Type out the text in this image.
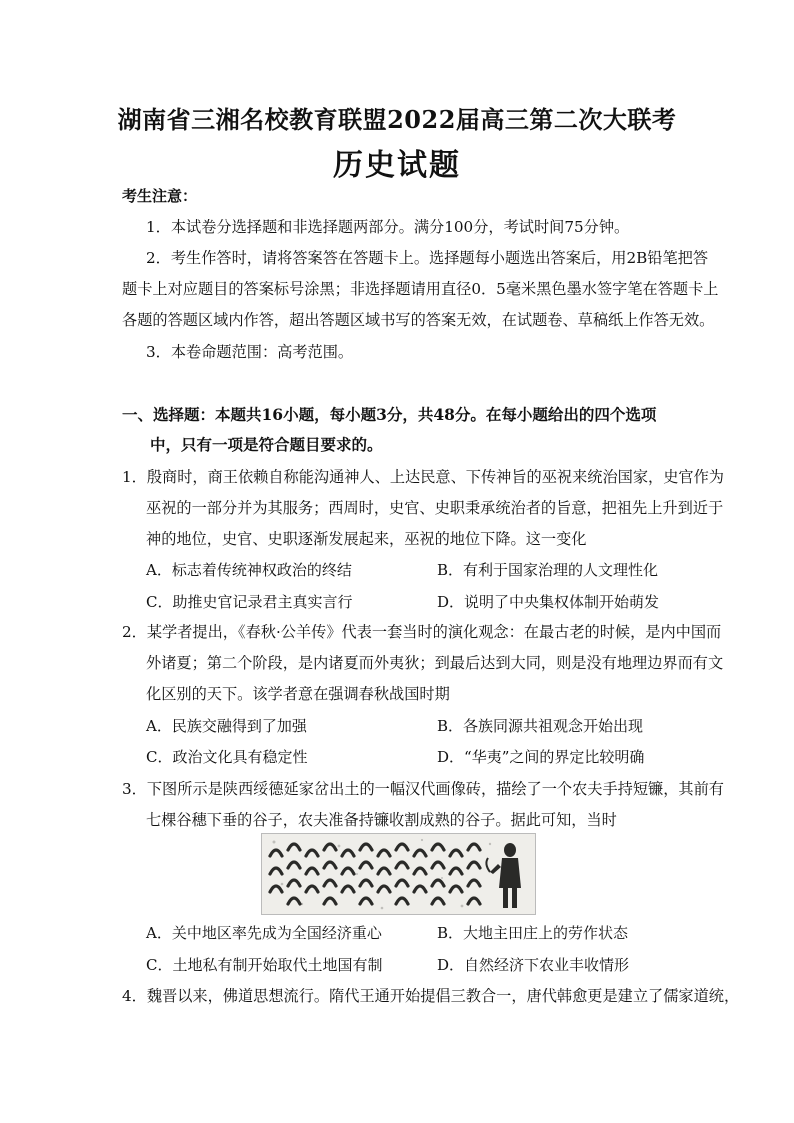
湖南省三湘名校教育联盟2022届高三第二次大联考
历史试题
考生注意：
1．本试卷分选择题和非选择题两部分。满分100分，考试时间75分钟。
2．考生作答时，请将答案答在答题卡上。选择题每小题选出答案后，用2B铅笔把答
题卡上对应题目的答案标号涂黑；非选择题请用直径0．5毫米黑色墨水签字笔在答题卡上
各题的答题区域内作答，超出答题区域书写的答案无效，在试题卷、草稿纸上作答无效。
3．本卷命题范围：高考范围。
一、选择题：本题共16小题，每小题3分，共48分。在每小题给出的四个选项
中，只有一项是符合题目要求的。
1．殷商时，商王依赖自称能沟通神人、上达民意、下传神旨的巫祝来统治国家，史官作为
巫祝的一部分并为其服务；西周时，史官、史职秉承统治者的旨意，把祖先上升到近于
神的地位，史官、史职逐渐发展起来，巫祝的地位下降。这一变化
A．标志着传统神权政治的终结	B．有利于国家治理的人文理性化
C．助推史官记录君主真实言行	D．说明了中央集权体制开始萌发
2．某学者提出，《春秋·公羊传》代表一套当时的演化观念：在最古老的时候，是内中国而
外诸夏；第二个阶段，是内诸夏而外夷狄；到最后达到大同，则是没有地理边界而有文
化区别的天下。该学者意在强调春秋战国时期
A．民族交融得到了加强	B．各族同源共祖观念开始出现
C．政治文化具有稳定性	D．“华夷”之间的界定比较明确
3．下图所示是陕西绥德延家岔出土的一幅汉代画像砖，描绘了一个农夫手持短镰，其前有
七棵谷穗下垂的谷子，农夫准备持镰收割成熟的谷子。据此可知，当时
A．关中地区率先成为全国经济重心	B．大地主田庄上的劳作状态
C．土地私有制开始取代土地国有制	D．自然经济下农业丰收情形
4．魏晋以来，佛道思想流行。隋代王通开始提倡三教合一，唐代韩愈更是建立了儒家道统，
